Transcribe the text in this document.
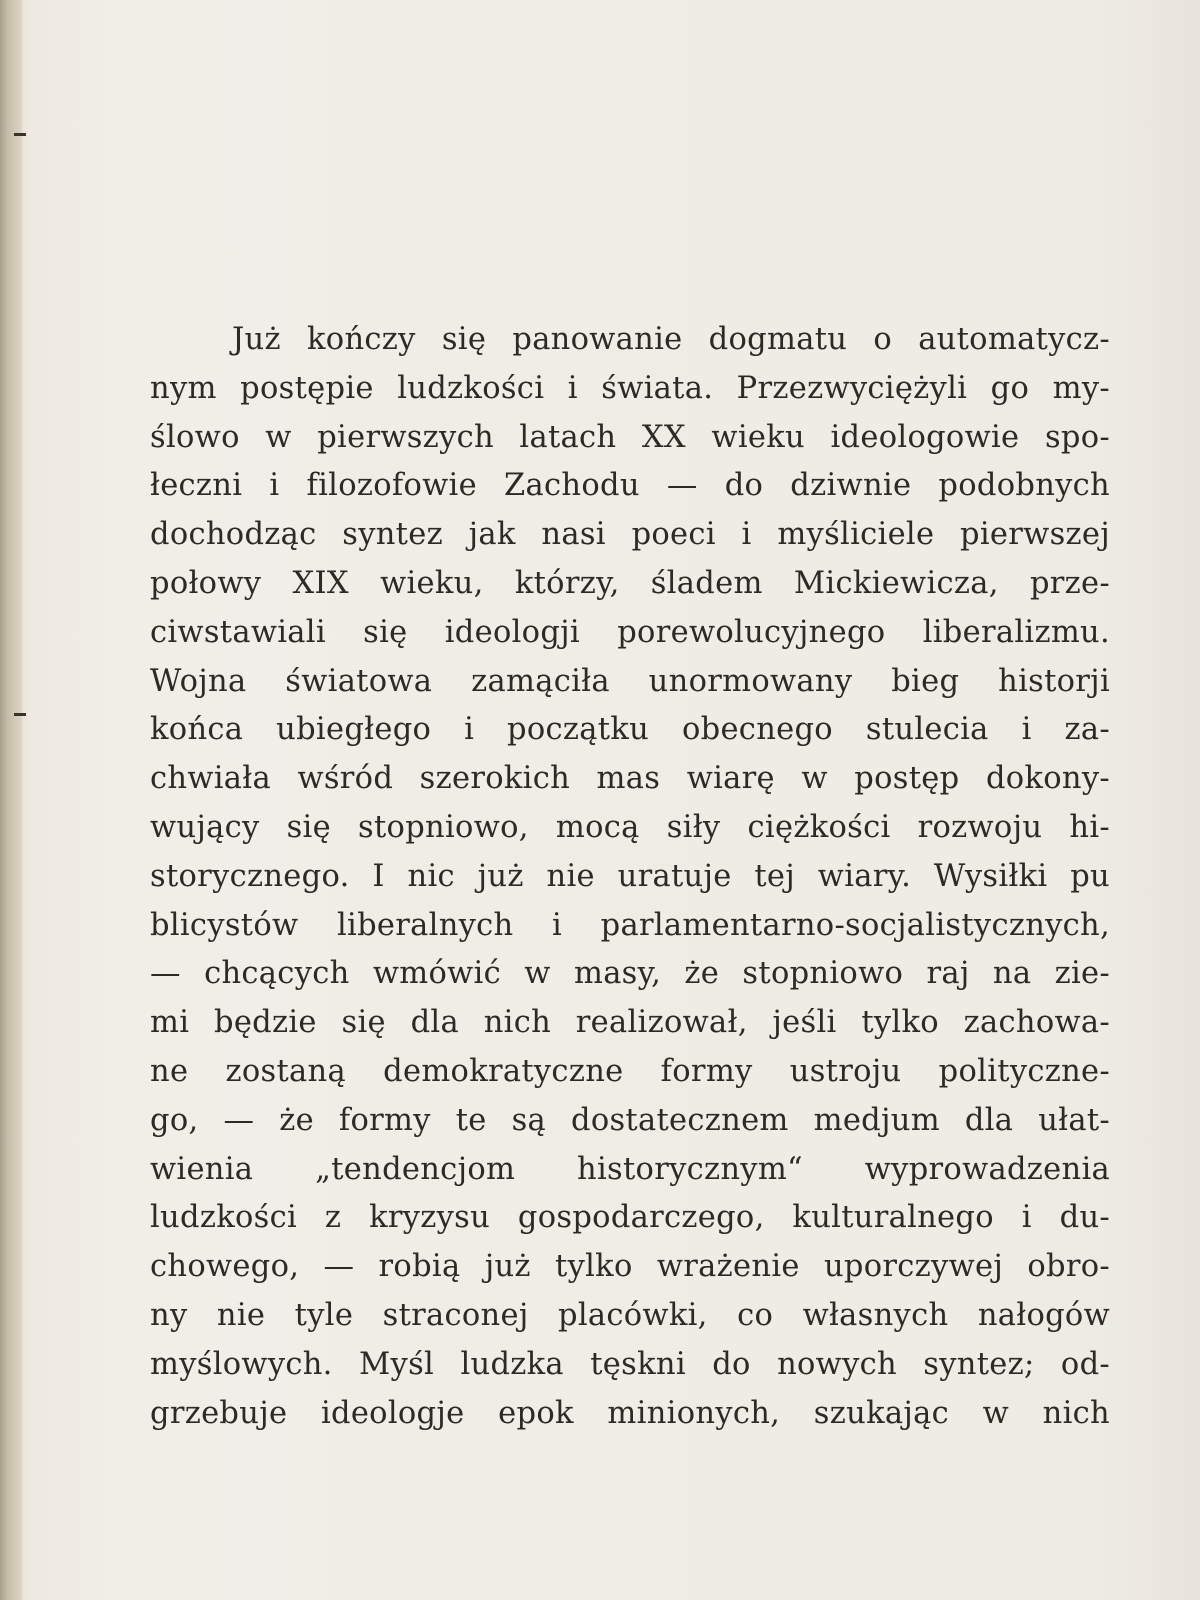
Już kończy się panowanie dogmatu o automatycz-
nym postępie ludzkości i świata. Przezwyciężyli go my-
ślowo w pierwszych latach XX wieku ideologowie spo-
łeczni i filozofowie Zachodu — do dziwnie podobnych
dochodząc syntez jak nasi poeci i myśliciele pierwszej
połowy XIX wieku, którzy, śladem Mickiewicza, prze-
ciwstawiali się ideologji porewolucyjnego liberalizmu.
Wojna światowa zamąciła unormowany bieg historji
końca ubiegłego i początku obecnego stulecia i za-
chwiała wśród szerokich mas wiarę w postęp dokony-
wujący się stopniowo, mocą siły ciężkości rozwoju hi-
storycznego. I nic już nie uratuje tej wiary. Wysiłki pu
blicystów liberalnych i parlamentarno-socjalistycznych,
— chcących wmówić w masy, że stopniowo raj na zie-
mi będzie się dla nich realizował, jeśli tylko zachowa-
ne zostaną demokratyczne formy ustroju polityczne-
go, — że formy te są dostatecznem medjum dla ułat-
wienia „tendencjom historycznym“ wyprowadzenia
ludzkości z kryzysu gospodarczego, kulturalnego i du-
chowego, — robią już tylko wrażenie uporczywej obro-
ny nie tyle straconej placówki, co własnych nałogów
myślowych. Myśl ludzka tęskni do nowych syntez; od-
grzebuje ideologje epok minionych, szukając w nich
